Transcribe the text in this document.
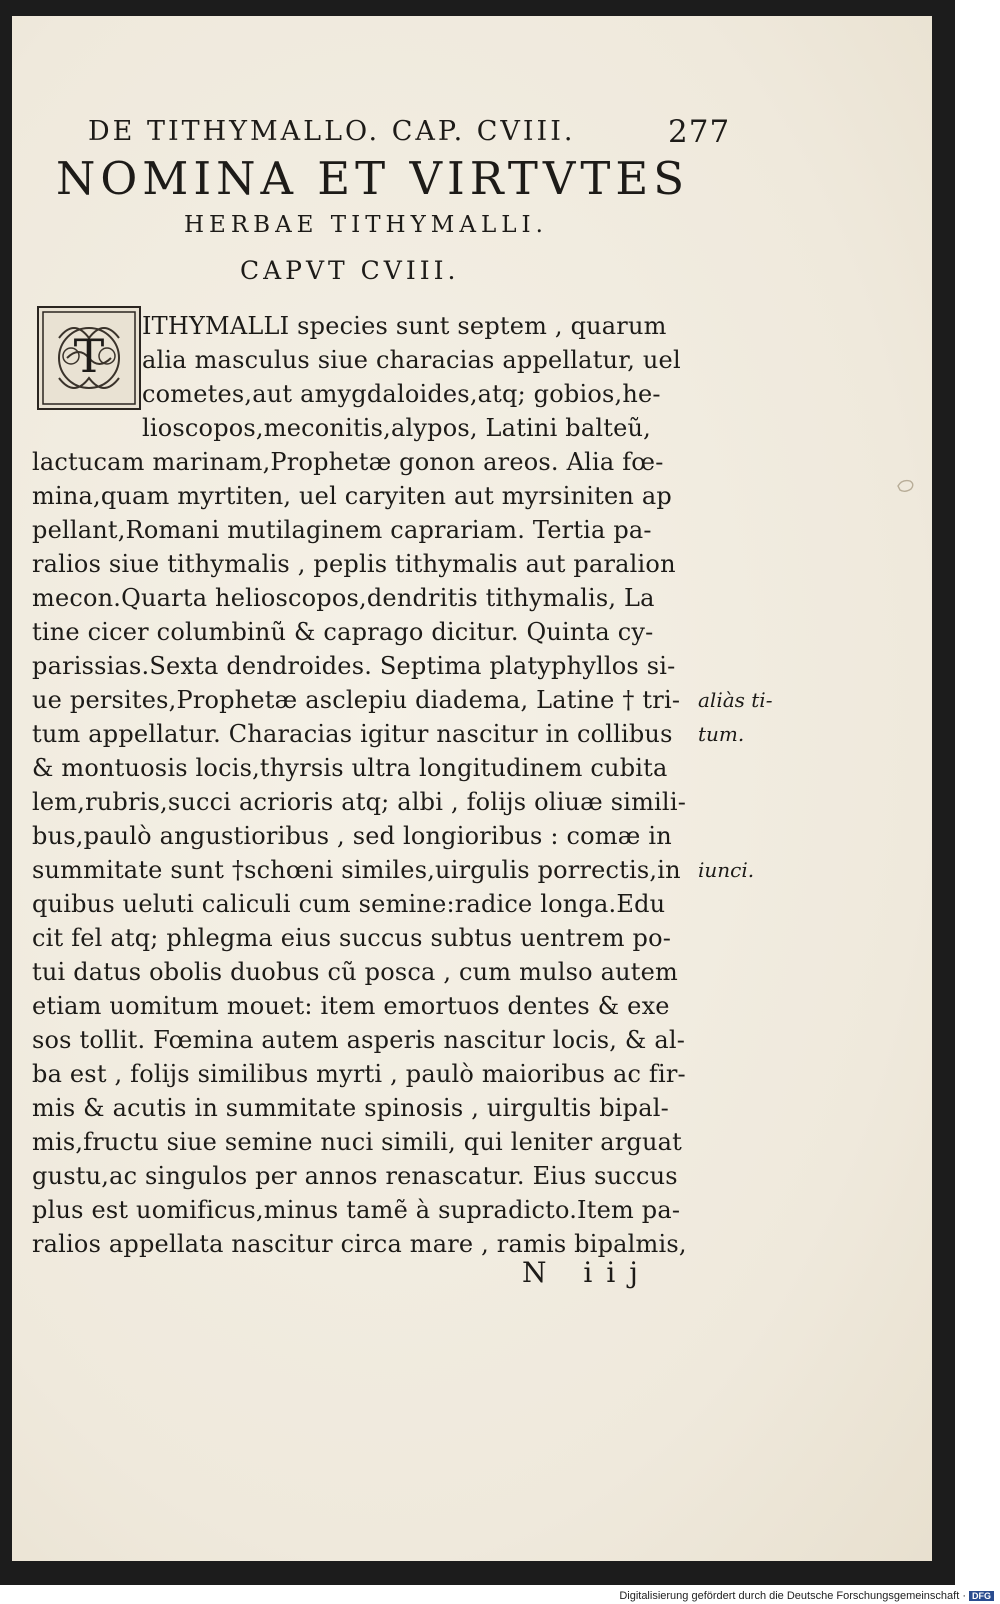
DE TITHYMALLO. CAP. CVIII.	277
NOMINA ET VIRTVTES
HERBAE TITHYMALLI.
CAPVT CVIII.
T
ITHYMALLI species sunt septem , quarum
alia masculus siue characias appellatur, uel
cometes,aut amygdaloides,atq; gobios,he-
lioscopos,meconitis,alypos, Latini balteũ,
lactucam marinam,Prophetæ gonon areos. Alia fœ-
mina,quam myrtiten, uel caryiten aut myrsiniten ap
pellant,Romani mutilaginem caprariam. Tertia pa-
ralios siue tithymalis , peplis tithymalis aut paralion
mecon.Quarta helioscopos,dendritis tithymalis, La
tine cicer columbinũ & caprago dicitur. Quinta cy-
parissias.Sexta dendroides. Septima platyphyllos si-
ue persites,Prophetæ asclepiu diadema, Latine † tri-
tum appellatur. Characias igitur nascitur in collibus
& montuosis locis,thyrsis ultra longitudinem cubita
lem,rubris,succi acrioris atq; albi , folijs oliuæ simili-
bus,paulò angustioribus , sed longioribus : comæ in
summitate sunt †schœni similes,uirgulis porrectis,in
quibus ueluti caliculi cum semine:radice longa.Edu
cit fel atq; phlegma eius succus subtus uentrem po-
tui datus obolis duobus cũ posca , cum mulso autem
etiam uomitum mouet: item emortuos dentes & exe
sos tollit. Fœmina autem asperis nascitur locis, & al-
ba est , folijs similibus myrti , paulò maioribus ac fir-
mis & acutis in summitate spinosis , uirgultis bipal-
mis,fructu siue semine nuci simili, qui leniter arguat
gustu,ac singulos per annos renascatur. Eius succus
plus est uomificus,minus tamẽ à supradicto.Item pa-
ralios appellata nascitur circa mare , ramis bipalmis,
aliàs ti-
tum.
iunci.
N iij
Digitalisierung gefördert durch die Deutsche Forschungsgemeinschaft · DFG
